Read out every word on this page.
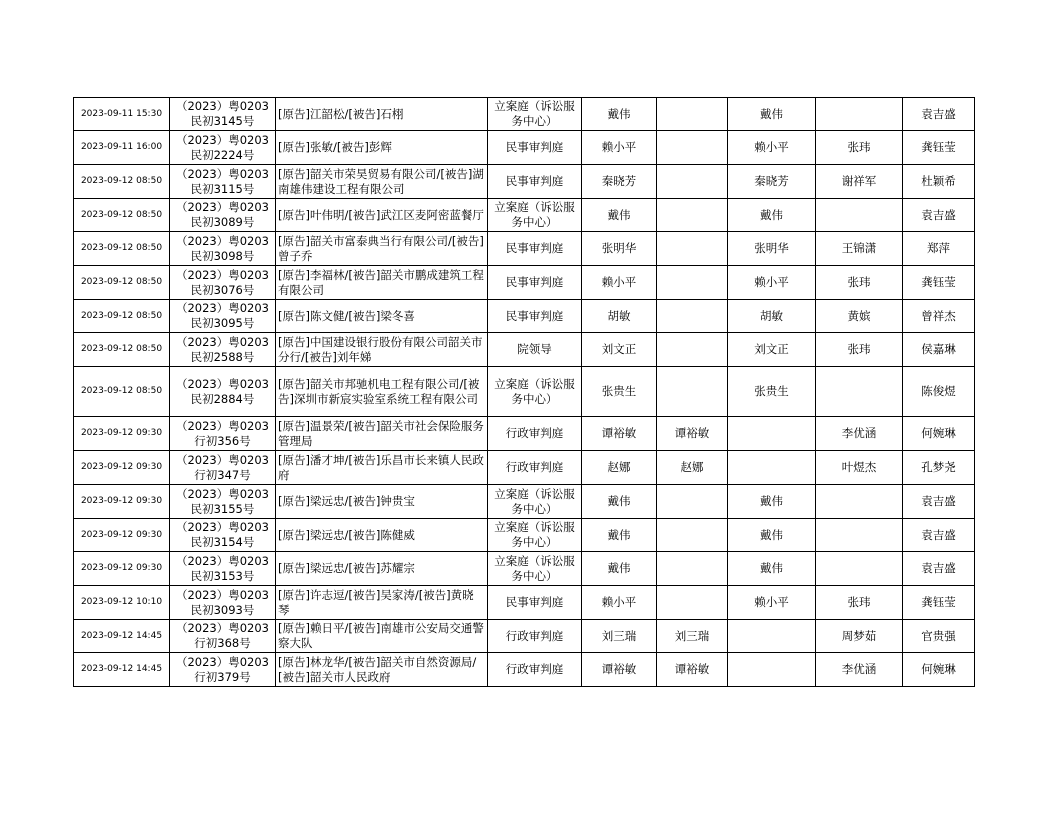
2023-09-11 15:30	（2023）粤0203民初3145号	[原告]江韶松/[被告]石栩	立案庭（诉讼服务中心）	戴伟		戴伟		袁吉盛
2023-09-11 16:00	（2023）粤0203民初2224号	[原告]张敏/[被告]彭辉	民事审判庭	赖小平		赖小平	张玮	龚钰莹
2023-09-12 08:50	（2023）粤0203民初3115号	[原告]韶关市荣昊贸易有限公司/[被告]湖南雄伟建设工程有限公司	民事审判庭	秦晓芳		秦晓芳	谢祥军	杜颖希
2023-09-12 08:50	（2023）粤0203民初3089号	[原告]叶伟明/[被告]武江区麦阿密蓝餐厅	立案庭（诉讼服务中心）	戴伟		戴伟		袁吉盛
2023-09-12 08:50	（2023）粤0203民初3098号	[原告]韶关市富泰典当行有限公司/[被告]曾子乔	民事审判庭	张明华		张明华	王锦潇	郑萍
2023-09-12 08:50	（2023）粤0203民初3076号	[原告]李福林/[被告]韶关市鹏成建筑工程有限公司	民事审判庭	赖小平		赖小平	张玮	龚钰莹
2023-09-12 08:50	（2023）粤0203民初3095号	[原告]陈文健/[被告]梁冬喜	民事审判庭	胡敏		胡敏	黄嫔	曾祥杰
2023-09-12 08:50	（2023）粤0203民初2588号	[原告]中国建设银行股份有限公司韶关市分行/[被告]刘年娣	院领导	刘文正		刘文正	张玮	侯嘉琳
2023-09-12 08:50	（2023）粤0203民初2884号	[原告]韶关市邦驰机电工程有限公司/[被告]深圳市新宸实验室系统工程有限公司	立案庭（诉讼服务中心）	张贵生		张贵生		陈俊煜
2023-09-12 09:30	（2023）粤0203行初356号	[原告]温景荣/[被告]韶关市社会保险服务管理局	行政审判庭	谭裕敏	谭裕敏		李优涵	何婉琳
2023-09-12 09:30	（2023）粤0203行初347号	[原告]潘才坤/[被告]乐昌市长来镇人民政府	行政审判庭	赵娜	赵娜		叶煜杰	孔梦尧
2023-09-12 09:30	（2023）粤0203民初3155号	[原告]梁远忠/[被告]钟贵宝	立案庭（诉讼服务中心）	戴伟		戴伟		袁吉盛
2023-09-12 09:30	（2023）粤0203民初3154号	[原告]梁远忠/[被告]陈健威	立案庭（诉讼服务中心）	戴伟		戴伟		袁吉盛
2023-09-12 09:30	（2023）粤0203民初3153号	[原告]梁远忠/[被告]苏耀宗	立案庭（诉讼服务中心）	戴伟		戴伟		袁吉盛
2023-09-12 10:10	（2023）粤0203民初3093号	[原告]许志逗/[被告]吴家涛/[被告]黄晓琴	民事审判庭	赖小平		赖小平	张玮	龚钰莹
2023-09-12 14:45	（2023）粤0203行初368号	[原告]赖日平/[被告]南雄市公安局交通警察大队	行政审判庭	刘三瑞	刘三瑞		周梦茹	官贵强
2023-09-12 14:45	（2023）粤0203行初379号	[原告]林龙华/[被告]韶关市自然资源局/[被告]韶关市人民政府	行政审判庭	谭裕敏	谭裕敏		李优涵	何婉琳
